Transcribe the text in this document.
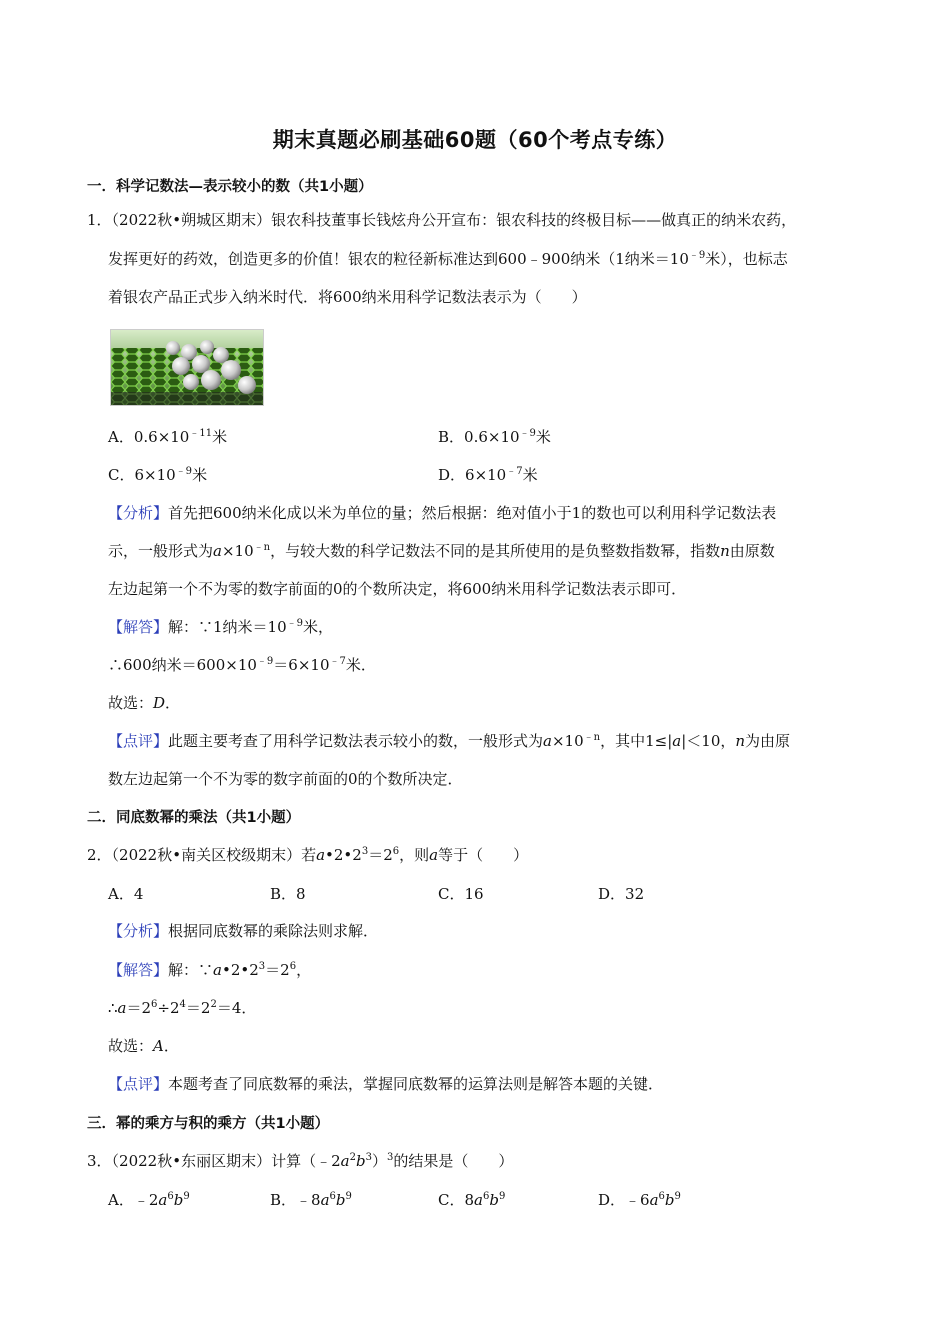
期末真题必刷基础60题（60个考点专练）
一．科学记数法—表示较小的数（共1小题）
1．（2022秋•朔城区期末）银农科技董事长钱炫舟公开宣布：银农科技的终极目标——做真正的纳米农药，
发挥更好的药效，创造更多的价值！银农的粒径新标准达到600﹣900纳米（1纳米$=10^{﹣9}$米），也标志
着银农产品正式步入纳米时代．将600纳米用科学记数法表示为（　　）
A．$0.6\times 10^{﹣11}$米	B．$0.6\times 10^{﹣9}$米
C．$6\times 10^{﹣9}$米	D．$6\times 10^{﹣7}$米
【分析】首先把600纳米化成以米为单位的量；然后根据：绝对值小于1的数也可以利用科学记数法表
示，一般形式为$a\times 10^{﹣n}$，与较大数的科学记数法不同的是其所使用的是负整数指数幂，指数n由原数
左边起第一个不为零的数字前面的0的个数所决定，将600纳米用科学记数法表示即可．
【解答】解：∵1纳米$=10^{﹣9}$米，
∴600纳米$=600\times 10^{﹣9}=6\times 10^{﹣7}$米．
故选：D．
【点评】此题主要考查了用科学记数法表示较小的数，一般形式为$a\times 10^{﹣n}$，其中1≤|a|＜10，n为由原
数左边起第一个不为零的数字前面的0的个数所决定．
二．同底数幂的乘法（共1小题）
2．（2022秋•南关区校级期末）若$a•2•2^3=2^6$，则a等于（　　）
A．4	B．8	C．16	D．32
【分析】根据同底数幂的乘除法则求解．
【解答】解：$\because a•2•2^3=2^6$，
$\therefore a=2^6\div 2^4=2^2=4$．
故选：A．
【点评】本题考查了同底数幂的乘法，掌握同底数幂的运算法则是解答本题的关键．
三．幂的乘方与积的乘方（共1小题）
3．（2022秋•东丽区期末）计算$(﹣2a^2b^3)^3$的结果是（　　）
A．$﹣2a^6b^9$	B．$﹣8a^6b^9$	C．$8a^6b^9$	D．$﹣6a^6b^9$
